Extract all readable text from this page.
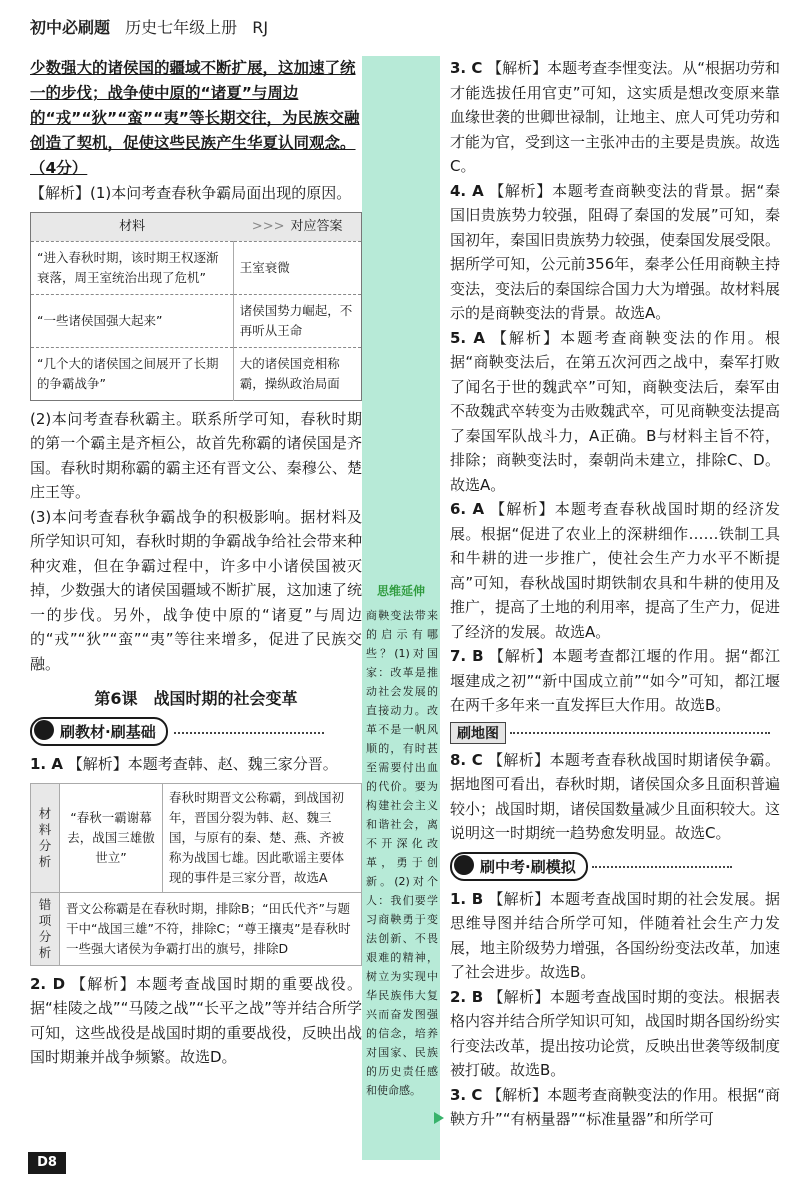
初中必刷题 历史七年级上册 RJ

少数强大的诸侯国的疆域不断扩展，这加速了统一的步伐；战争使中原的“诸夏”与周边的“戎”“狄”“蛮”“夷”等长期交往，为民族交融创造了契机，促使这些民族产生华夏认同观念。（4分）

【解析】(1)本问考查春秋争霸局面出现的原因。

材料	>>> 对应答案
“进入春秋时期，该时期王权逐渐衰落，周王室统治出现了危机”	王室衰微
“一些诸侯国强大起来”	诸侯国势力崛起，不再听从王命
“几个大的诸侯国之间展开了长期的争霸战争”	大的诸侯国竞相称霸，操纵政治局面

(2)本问考查春秋霸主。联系所学可知，春秋时期的第一个霸主是齐桓公，故首先称霸的诸侯国是齐国。春秋时期称霸的霸主还有晋文公、秦穆公、楚庄王等。

(3)本问考查春秋争霸战争的积极影响。据材料及所学知识可知，春秋时期的争霸战争给社会带来种种灾难，但在争霸过程中，许多中小诸侯国被灭掉，少数强大的诸侯国疆域不断扩展，这加速了统一的步伐。另外，战争使中原的“诸夏”与周边的“戎”“狄”“蛮”“夷”等往来增多，促进了民族交融。

第6课　战国时期的社会变革

刷教材·刷基础

1. A 【解析】本题考查韩、赵、魏三家分晋。

材料分析	“春秋一霸谢幕去，战国三雄傲世立”	春秋时期晋文公称霸，到战国初年，晋国分裂为韩、赵、魏三国，与原有的秦、楚、燕、齐被称为战国七雄。因此歌谣主要体现的事件是三家分晋，故选A
错项分析	晋文公称霸是在春秋时期，排除B；“田氏代齐”与题干中“战国三雄”不符，排除C；“尊王攘夷”是春秋时一些强大诸侯为争霸打出的旗号，排除D	

2. D 【解析】本题考查战国时期的重要战役。据“桂陵之战”“马陵之战”“长平之战”等并结合所学可知，这些战役是战国时期的重要战役，反映出战国时期兼并战争频繁。故选D。

思维延伸
商鞅变法带来的启示有哪些？(1)对国家：改革是推动社会发展的直接动力。改革不是一帆风顺的，有时甚至需要付出血的代价。要为构建社会主义和谐社会，离不开深化改革，勇于创新。(2)对个人：我们要学习商鞅勇于变法创新、不畏艰难的精神，树立为实现中华民族伟大复兴而奋发图强的信念，培养对国家、民族的历史责任感和使命感。

3. C 【解析】本题考查李悝变法。从“根据功劳和才能选拔任用官吏”可知，这实质是想改变原来靠血缘世袭的世卿世禄制，让地主、庶人可凭功劳和才能为官，受到这一主张冲击的主要是贵族。故选C。

4. A 【解析】本题考查商鞅变法的背景。据“秦国旧贵族势力较强，阻碍了秦国的发展”可知，秦国初年，秦国旧贵族势力较强，使秦国发展受限。据所学可知，公元前356年，秦孝公任用商鞅主持变法，变法后的秦国综合国力大为增强。故材料展示的是商鞅变法的背景。故选A。

5. A 【解析】本题考查商鞅变法的作用。根据“商鞅变法后，在第五次河西之战中，秦军打败了闻名于世的魏武卒”可知，商鞅变法后，秦军由不敌魏武卒转变为击败魏武卒，可见商鞅变法提高了秦国军队战斗力，A正确。B与材料主旨不符，排除；商鞅变法时，秦朝尚未建立，排除C、D。故选A。

6. A 【解析】本题考查春秋战国时期的经济发展。根据“促进了农业上的深耕细作……铁制工具和牛耕的进一步推广，使社会生产力水平不断提高”可知，春秋战国时期铁制农具和牛耕的使用及推广，提高了土地的利用率，提高了生产力，促进了经济的发展。故选A。

7. B 【解析】本题考查都江堰的作用。据“都江堰建成之初”“新中国成立前”“如今”可知，都江堰在两千多年来一直发挥巨大作用。故选B。

刷地图

8. C 【解析】本题考查春秋战国时期诸侯争霸。据地图可看出，春秋时期，诸侯国众多且面积普遍较小；战国时期，诸侯国数量减少且面积较大。这说明这一时期统一趋势愈发明显。故选C。

刷中考·刷模拟

1. B 【解析】本题考查战国时期的社会发展。据思维导图并结合所学可知，伴随着社会生产力发展，地主阶级势力增强，各国纷纷变法改革，加速了社会进步。故选B。

2. B 【解析】本题考查战国时期的变法。根据表格内容并结合所学知识可知，战国时期各国纷纷实行变法改革，提出按功论赏，反映出世袭等级制度被打破。故选B。

3. C 【解析】本题考查商鞅变法的作用。根据“商鞅方升”“有柄量器”“标准量器”和所学可

D8
